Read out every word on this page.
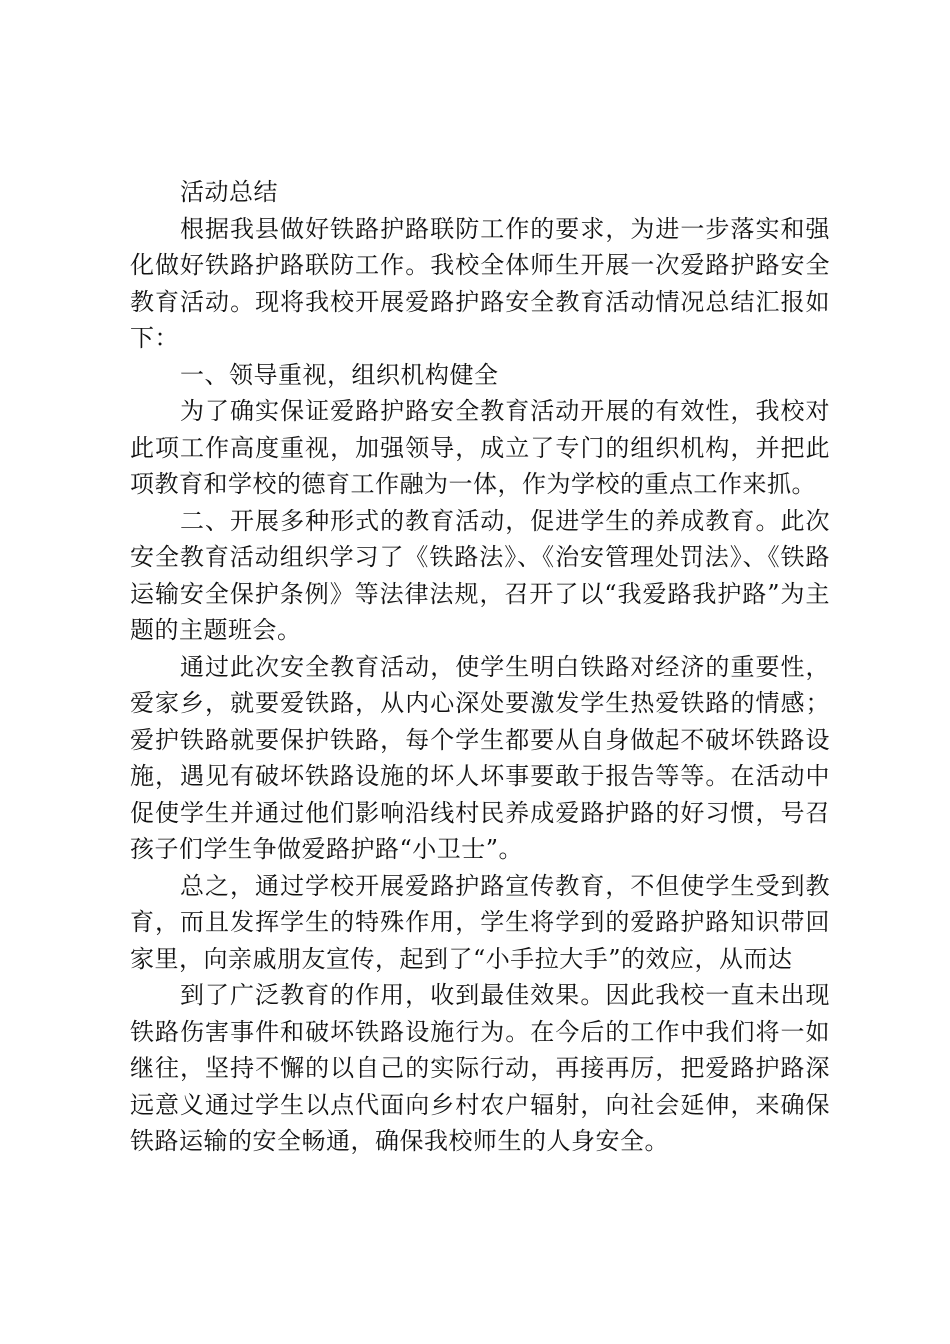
活动总结

根据我县做好铁路护路联防工作的要求，为进一步落实和强化做好铁路护路联防工作。我校全体师生开展一次爱路护路安全教育活动。现将我校开展爱路护路安全教育活动情况总结汇报如下：

一、领导重视，组织机构健全

为了确实保证爱路护路安全教育活动开展的有效性，我校对此项工作高度重视，加强领导，成立了专门的组织机构，并把此项教育和学校的德育工作融为一体，作为学校的重点工作来抓。

二、开展多种形式的教育活动，促进学生的养成教育。此次安全教育活动组织学习了《铁路法》、《治安管理处罚法》、《铁路运输安全保护条例》等法律法规，召开了以“我爱路我护路”为主题的主题班会。

通过此次安全教育活动，使学生明白铁路对经济的重要性，爱家乡，就要爱铁路，从内心深处要激发学生热爱铁路的情感；爱护铁路就要保护铁路，每个学生都要从自身做起不破坏铁路设施，遇见有破坏铁路设施的坏人坏事要敢于报告等等。在活动中促使学生并通过他们影响沿线村民养成爱路护路的好习惯，号召孩子们学生争做爱路护路“小卫士”。

总之，通过学校开展爱路护路宣传教育，不但使学生受到教育，而且发挥学生的特殊作用，学生将学到的爱路护路知识带回家里，向亲戚朋友宣传，起到了“小手拉大手”的效应，从而达

到了广泛教育的作用，收到最佳效果。因此我校一直未出现铁路伤害事件和破坏铁路设施行为。在今后的工作中我们将一如继往，坚持不懈的以自己的实际行动，再接再厉，把爱路护路深远意义通过学生以点代面向乡村农户辐射，向社会延伸，来确保铁路运输的安全畅通，确保我校师生的人身安全。
